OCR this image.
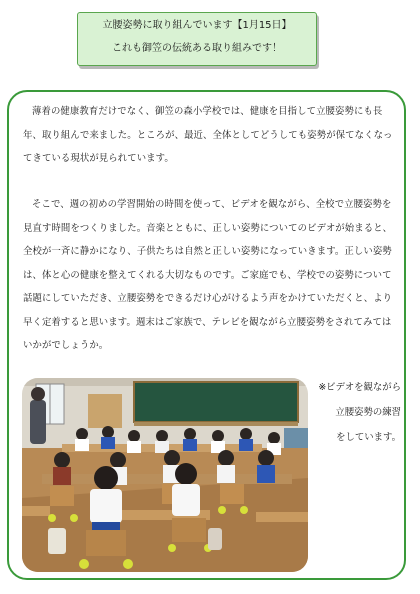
立腰姿勢に取り組んでいます【1月15日】
これも御笠の伝統ある取り組みです！

薄着の健康教育だけでなく、御笠の森小学校では、健康を目指して立腰姿勢にも長年、取り組んで来ました。ところが、最近、全体としてどうしても姿勢が保てなくなってきている現状が見られています。

そこで、週の初めの学習開始の時間を使って、ビデオを観ながら、全校で立腰姿勢を見直す時間をつくりました。音楽とともに、正しい姿勢についてのビデオが始まると、全校が一斉に静かになり、子供たちは自然と正しい姿勢になっていきます。正しい姿勢は、体と心の健康を整えてくれる大切なものです。ご家庭でも、学校での姿勢について話題にしていただき、立腰姿勢をできるだけ心がけるよう声をかけていただくと、より早く定着すると思います。週末はご家族で、テレビを観ながら立腰姿勢をされてみてはいかがでしょうか。

※ビデオを観ながら
立腰姿勢の練習
をしています。
